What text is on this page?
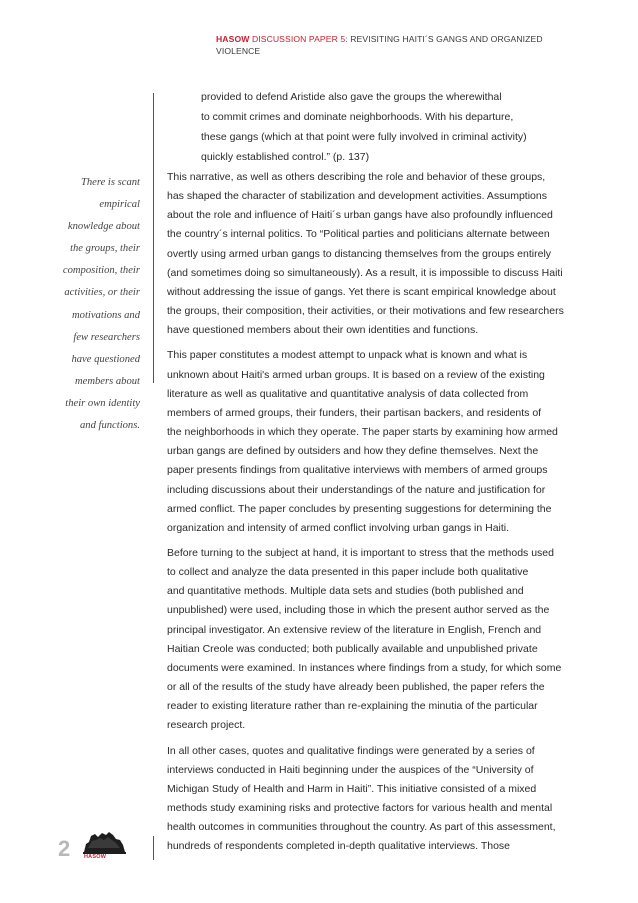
HASOW DISCUSSION PAPER 5: REVISITING HAITI´S GANGS AND ORGANIZED
VIOLENCE
provided to defend Aristide also gave the groups the wherewithal
to commit crimes and dominate neighborhoods. With his departure,
these gangs (which at that point were fully involved in criminal activity)
quickly established control.” (p. 137)
There is scant
empirical
knowledge about
the groups, their
composition, their
activities, or their
motivations and
few researchers
have questioned
members about
their own identity
and functions.
This narrative, as well as others describing the role and behavior of these groups,
has shaped the character of stabilization and development activities. Assumptions
about the role and influence of Haiti´s urban gangs have also profoundly influenced
the country´s internal politics. To “Political parties and politicians alternate between
overtly using armed urban gangs to distancing themselves from the groups entirely
(and sometimes doing so simultaneously). As a result, it is impossible to discuss Haiti
without addressing the issue of gangs. Yet there is scant empirical knowledge about
the groups, their composition, their activities, or their motivations and few researchers
have questioned members about their own identities and functions.
This paper constitutes a modest attempt to unpack what is known and what is
unknown about Haiti's armed urban groups. It is based on a review of the existing
literature as well as qualitative and quantitative analysis of data collected from
members of armed groups, their funders, their partisan backers, and residents of
the neighborhoods in which they operate. The paper starts by examining how armed
urban gangs are defined by outsiders and how they define themselves. Next the
paper presents findings from qualitative interviews with members of armed groups
including discussions about their understandings of the nature and justification for
armed conflict. The paper concludes by presenting suggestions for determining the
organization and intensity of armed conflict involving urban gangs in Haiti.
Before turning to the subject at hand, it is important to stress that the methods used
to collect and analyze the data presented in this paper include both qualitative
and quantitative methods. Multiple data sets and studies (both published and
unpublished) were used, including those in which the present author served as the
principal investigator. An extensive review of the literature in English, French and
Haitian Creole was conducted; both publically available and unpublished private
documents were examined. In instances where findings from a study, for which some
or all of the results of the study have already been published, the paper refers the
reader to existing literature rather than re-explaining the minutia of the particular
research project.
In all other cases, quotes and qualitative findings were generated by a series of
interviews conducted in Haiti beginning under the auspices of the “University of
Michigan Study of Health and Harm in Haiti”. This initiative consisted of a mixed
methods study examining risks and protective factors for various health and mental
health outcomes in communities throughout the country. As part of this assessment,
hundreds of respondents completed in-depth qualitative interviews. Those
2	HASOW
